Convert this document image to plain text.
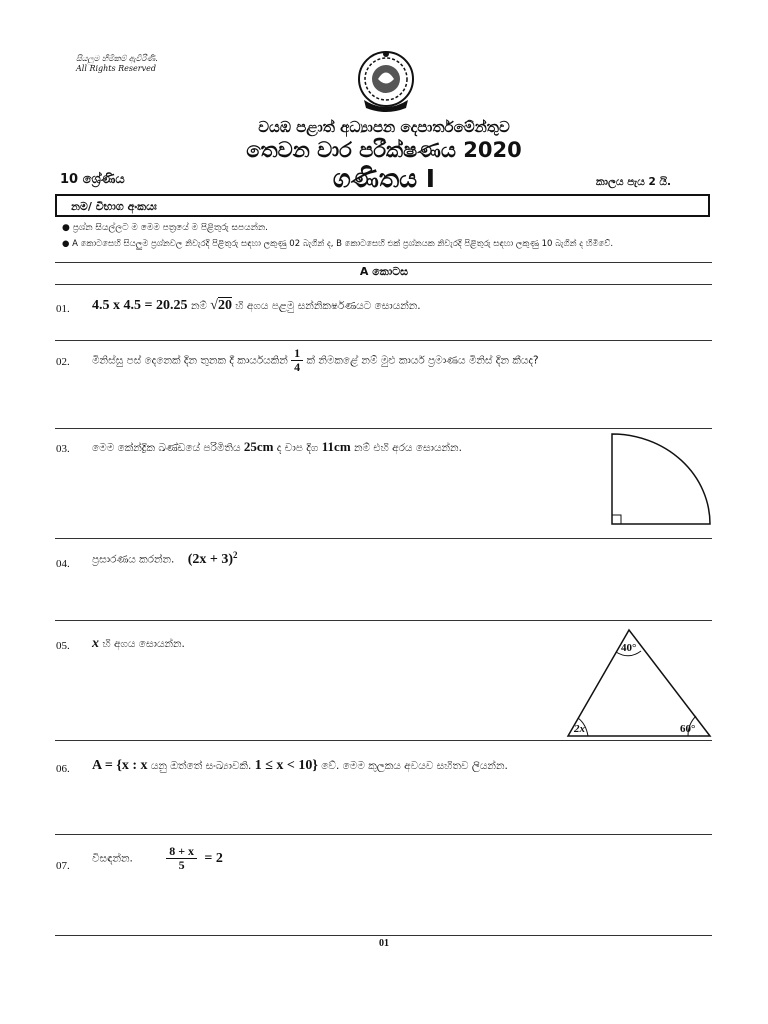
සියලුම හිමිකම් ඇවිරිණි.
All Rights Reserved
වයඹ පළාත් අධ්‍යාපන දෙපාර්තමේන්තුව
තෙවන වාර පරීක්ෂණය 2020
10 ශ්‍රේණිය	ගණිතය I	කාලය පැය 2 යි.
නම/ විභාග අංකයඃ
● ප්‍රශ්න සියල්ලට ම මෙම පත්‍රයේ ම පිළිතුරු සපයන්න.
● A කොටසෙහි සියලුම ප්‍රශ්නවල නිවැරදි පිළිතුරු සඳහා ලකුණු 02 බැගින් ද, B කොටසෙහි එක් ප්‍රශ්නයක නිවැරදි පිළිතුරු සඳහා ලකුණු 10 බැගින් ද හිමිවේ.
A කොටස
01. 4.5 x 4.5 = 20.25 නම් √20 හි අගය පළමු සන්නිකර්ෂණයට සොයන්න.
02. මිනිස්සු පස් දෙනෙක් දින තුනක දී කාර්යයකින් $\frac{1}{4}$ ක් නිමකළේ නම් මුළු කාර්ය ප්‍රමාණය මිනිස් දින කීයද?
03. මෙම කේන්ද්‍රික ඛණ්ඩයේ පරිමිතිය 25cm ද චාප දිග 11cm නම් එහි අරය සොයන්න.
04. ප්‍රසාරණය කරන්න. $(2x + 3)^2$
05. x හි අගය සොයන්න.	40°
2x	60°
06. A = {x : x යනු ඔත්තේ සංඛ්‍යාවකි. 1 ≤ x < 10} වේ. මෙම කුලකය අවයව සහිතව ලියන්න.
07.
විසඳන්න.	$\frac{8 + x}{5} = 2$
01
